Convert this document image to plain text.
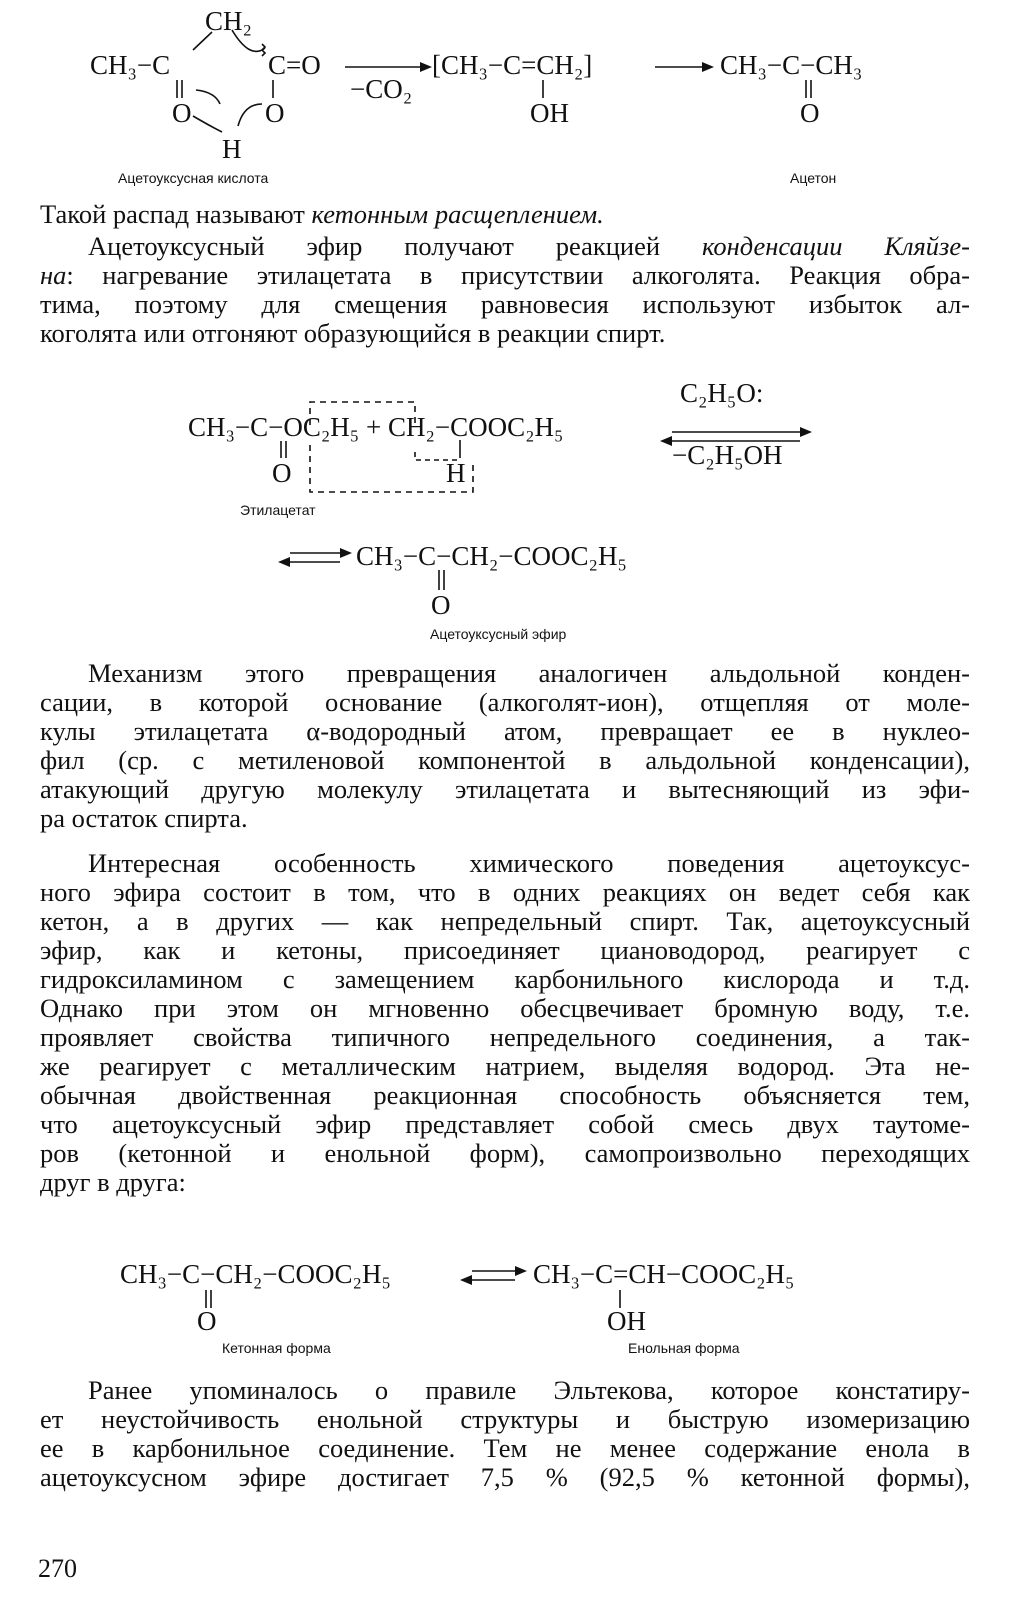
CH₂
CH₃−C	C=O
O	O
H
−CO₂
[CH₃−C=CH₂]
OH
CH₃−C−CH₃
O
Ацетоуксусная кислота	Ацетон
Такой распад называют кетонным расщеплением.
Ацетоуксусный эфир получают реакцией конденсации Кляйзе-
на: нагревание этилацетата в присутствии алкоголята. Реакция обра-
тима, поэтому для смещения равновесия используют избыток ал-
коголята или отгоняют образующийся в реакции спирт.
C₂H₅O:
CH₃−C−OC₂H₅ + CH₂−COOC₂H₅
−C₂H₅OH
O	H
Этилацетат
CH₃−C−CH₂−COOC₂H₅
O
Ацетоуксусный эфир
Механизм этого превращения аналогичен альдольной конден-
сации, в которой основание (алкоголят-ион), отщепляя от моле-
кулы этилацетата α-водородный атом, превращает ее в нуклео-
фил (ср. с метиленовой компонентой в альдольной конденсации),
атакующий другую молекулу этилацетата и вытесняющий из эфи-
ра остаток спирта.
Интересная особенность химического поведения ацетоуксус-
ного эфира состоит в том, что в одних реакциях он ведет себя как
кетон, а в других — как непредельный спирт. Так, ацетоуксусный
эфир, как и кетоны, присоединяет циановодород, реагирует с
гидроксиламином с замещением карбонильного кислорода и т.д.
Однако при этом он мгновенно обесцвечивает бромную воду, т.е.
проявляет свойства типичного непредельного соединения, а так-
же реагирует с металлическим натрием, выделяя водород. Эта не-
обычная двойственная реакционная способность объясняется тем,
что ацетоуксусный эфир представляет собой смесь двух таутоме-
ров (кетонной и енольной форм), самопроизвольно переходящих
друг в друга:
CH₃−C−CH₂−COOC₂H₅
O
CH₃−C=CH−COOC₂H₅
OH
Кетонная форма	Енольная форма
Ранее упоминалось о правиле Эльтекова, которое констатиру-
ет неустойчивость енольной структуры и быструю изомеризацию
ее в карбонильное соединение. Тем не менее содержание енола в
ацетоуксусном эфире достигает 7,5 % (92,5 % кетонной формы),
270
